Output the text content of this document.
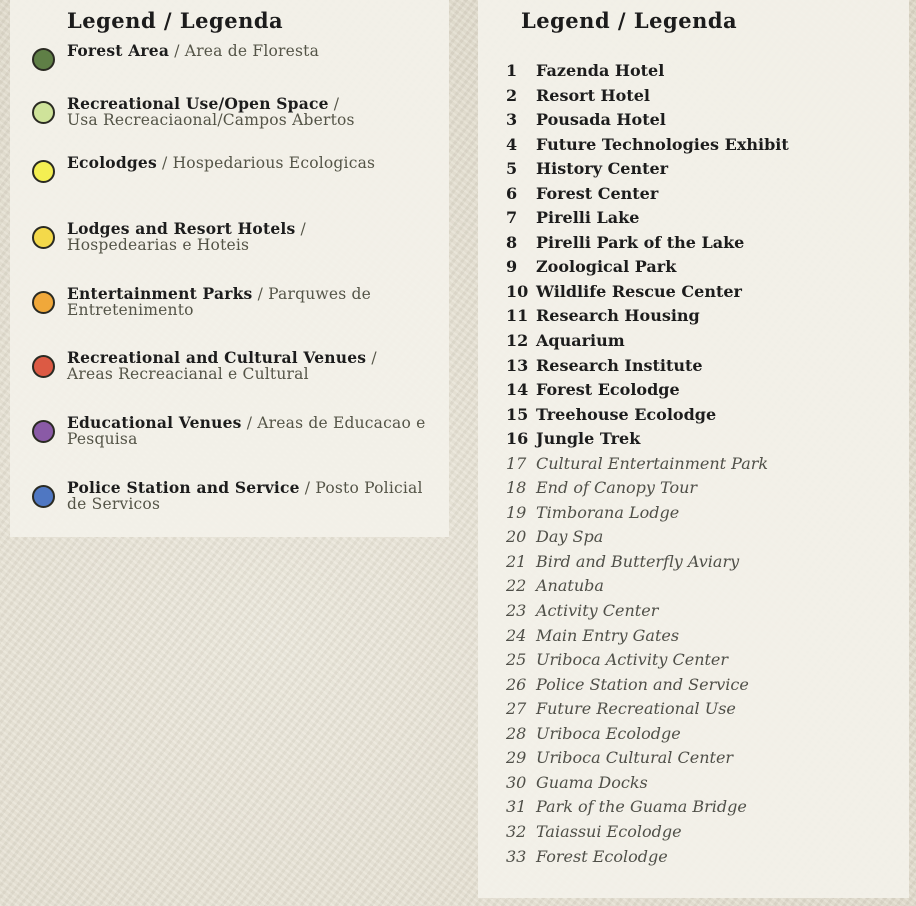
Legend / Legenda
Forest Area / Area de Floresta
Recreational Use/Open Space /
Usa Recreaciaonal/Campos Abertos
Ecolodges / Hospedarious Ecologicas
Lodges and Resort Hotels /
Hospedearias e Hoteis
Entertainment Parks / Parquwes de Entretenimento
Recreational and Cultural Venues /
Areas Recreacianal e Cultural
Educational Venues / Areas de Educacao e Pesquisa
Police Station and Service / Posto Policial de Servicos
Legend / Legenda
1 Fazenda Hotel
2 Resort Hotel
3 Pousada Hotel
4 Future Technologies Exhibit
5 History Center
6 Forest Center
7 Pirelli Lake
8 Pirelli Park of the Lake
9 Zoological Park
10 Wildlife Rescue Center
11 Research Housing
12 Aquarium
13 Research Institute
14 Forest Ecolodge
15 Treehouse Ecolodge
16 Jungle Trek
17 Cultural Entertainment Park
18 End of Canopy Tour
19 Timborana Lodge
20 Day Spa
21 Bird and Butterfly Aviary
22 Anatuba
23 Activity Center
24 Main Entry Gates
25 Uriboca Activity Center
26 Police Station and Service
27 Future Recreational Use
28 Uriboca Ecolodge
29 Uriboca Cultural Center
30 Guama Docks
31 Park of the Guama Bridge
32 Taiassui Ecolodge
33 Forest Ecolodge
